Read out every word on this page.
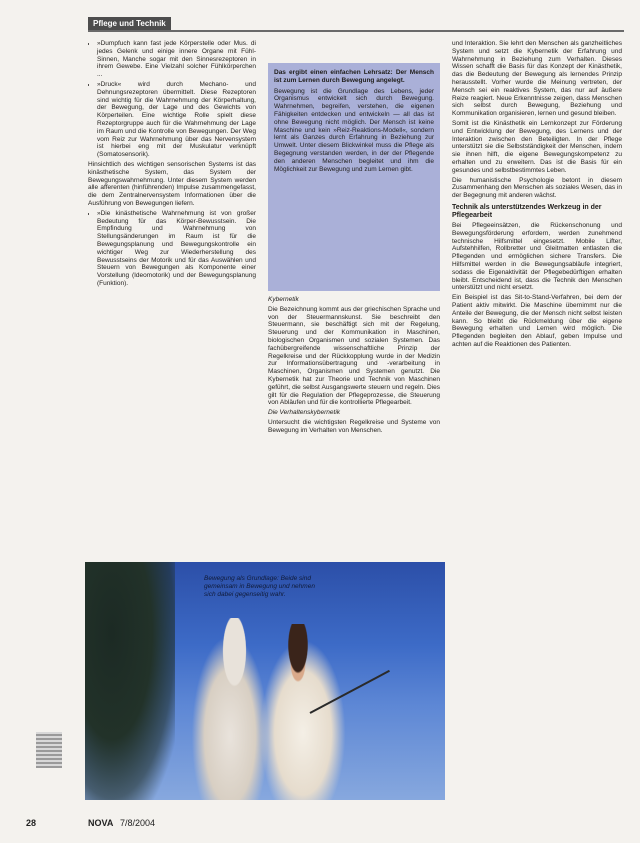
Pflege und Technik
• »Dumpfuch kann fast jede Körperstelle oder Mus. di jedes Gelenk und einige innere Organe mit Fühl-Sinnen, Manche sogar mit den Sinnesrezeptoren in ihrem Gewebe. Eine Vielzahl solcher Fühlkörperchen ...
• »Druck« wird durch Mechano- und Dehnungsrezeptoren übermittelt. Diese Rezeptoren sind wichtig für die Wahrnehmung der Körperhaltung, der Bewegung, der Lage und des Gewichts von Körperteilen. Eine wichtige Rolle spielt diese Rezeptorgruppe auch für die Wahrnehmung der Lage im Raum und die Kontrolle von Bewegungen. Der Weg vom Reiz zur Wahrnehmung über das Nervensystem ist hierbei eng mit der Muskulatur verknüpft (Somatosensorik).

Hinsichtlich des wichtigen sensorischen Systems ist das kinästhetische System, das System der Bewegungswahrnehmung. Unter diesem System werden alle afferenten (hinführenden) Impulse zusammengefasst, die dem Zentralnervensystem Informationen über die Ausführung von Bewegungen liefern.

• »Die kinästhetische Wahrnehmung ist von großer Bedeutung für das Körper-Bewusstsein. Die Empfindung und Wahrnehmung von Stellungsänderungen im Raum ist für die Bewegungsplanung und Bewegungskontrolle ein wichtiger Weg zur Wiederherstellung des Bewusstseins der Motorik und für das Auswählen und Steuern von Bewegungen als Komponente einer Vorstellung (Ideomotorik) und der Bewegungsplanung (Funktion).

Das ergibt einen einfachen Lehrsatz: Der Mensch ist zum Lernen durch Bewegung angelegt.

Bewegung ist die Grundlage des Lebens, jeder Organismus entwickelt sich durch Bewegung. Wahrnehmen, begreifen, verstehen, die eigenen Fähigkeiten entdecken und entwickeln — all das ist ohne Bewegung nicht möglich. Der Mensch ist keine Maschine und kein »Reiz-Reaktions-Modell«, sondern lernt als Ganzes durch Erfahrung in Beziehung zur Umwelt. Unter diesem Blickwinkel muss die Pflege als Begegnung verstanden werden, in der der Pflegende den anderen Menschen begleitet und ihm die Möglichkeit zur Bewegung und zum Lernen gibt.

Kybernetik

Die Bezeichnung kommt aus der griechischen Sprache und von der Steuermannskunst. Sie beschreibt den Steuermann, sie beschäftigt sich mit der Regelung, Steuerung und der Kommunikation in Maschinen, biologischen Organismen und sozialen Systemen. Das fachübergreifende wissenschaftliche Prinzip der Regelkreise und der Rückkopplung wurde in der Medizin zur Informationsübertragung und -verarbeitung in Maschinen, Organismen und Systemen genutzt. Die Kybernetik hat zur Theorie und Technik von Maschinen geführt, die selbst Ausgangswerte steuern und regeln. Dies gilt für die Regulation der Pflegeprozesse, die Steuerung von Abläufen und für die kontrollierte Pflegearbeit.

Die Verhaltenskybernetik

Untersucht die wichtigsten Regelkreise und Systeme von Bewegung im Verhalten von Menschen.

Bewegung als Grundlage: Beide sind gemeinsam in Bewegung und nehmen sich dabei gegenseitig wahr.

und Interaktion. Sie lehrt den Menschen als ganzheitliches System und setzt die Kybernetik der Erfahrung und Wahrnehmung in Beziehung zum Verhalten. Dieses Wissen schafft die Basis für das Konzept der Kinästhetik, das die Bedeutung der Bewegung als lernendes Prinzip herausstellt. Vorher wurde die Meinung vertreten, der Mensch sei ein reaktives System, das nur auf äußere Reize reagiert. Neue Erkenntnisse zeigen, dass Menschen sich selbst durch Bewegung, Beziehung und Kommunikation organisieren, lernen und gesund bleiben.

Somit ist die Kinästhetik ein Lernkonzept zur Förderung und Entwicklung der Bewegung, des Lernens und der Interaktion zwischen den Beteiligten. In der Pflege unterstützt sie die Selbstständigkeit der Menschen, indem sie ihnen hilft, die eigene Bewegungskompetenz zu erhalten und zu erweitern. Das ist die Basis für ein gesundes und selbstbestimmtes Leben.

Die humanistische Psychologie betont in diesem Zusammenhang den Menschen als soziales Wesen, das in der Begegnung mit anderen wächst.

Technik als unterstützendes Werkzeug in der Pflegearbeit

Bei Pflegeeinsätzen, die Rückenschonung und Bewegungsförderung erfordern, werden zunehmend technische Hilfsmittel eingesetzt. Mobile Lifter, Aufstehhilfen, Rollbretter und Gleitmatten entlasten die Pflegenden und ermöglichen sichere Transfers. Die Hilfsmittel werden in die Bewegungsabläufe integriert, sodass die Eigenaktivität der Pflegebedürftigen erhalten bleibt. Entscheidend ist, dass die Technik den Menschen unterstützt und nicht ersetzt.

Ein Beispiel ist das Sit-to-Stand-Verfahren, bei dem der Patient aktiv mitwirkt. Die Maschine übernimmt nur die Anteile der Bewegung, die der Mensch nicht selbst leisten kann. So bleibt die Rückmeldung über die eigene Bewegung erhalten und Lernen wird möglich. Die Pflegenden begleiten den Ablauf, geben Impulse und achten auf die Reaktionen des Patienten.

28	NOVA 7/8/2004
